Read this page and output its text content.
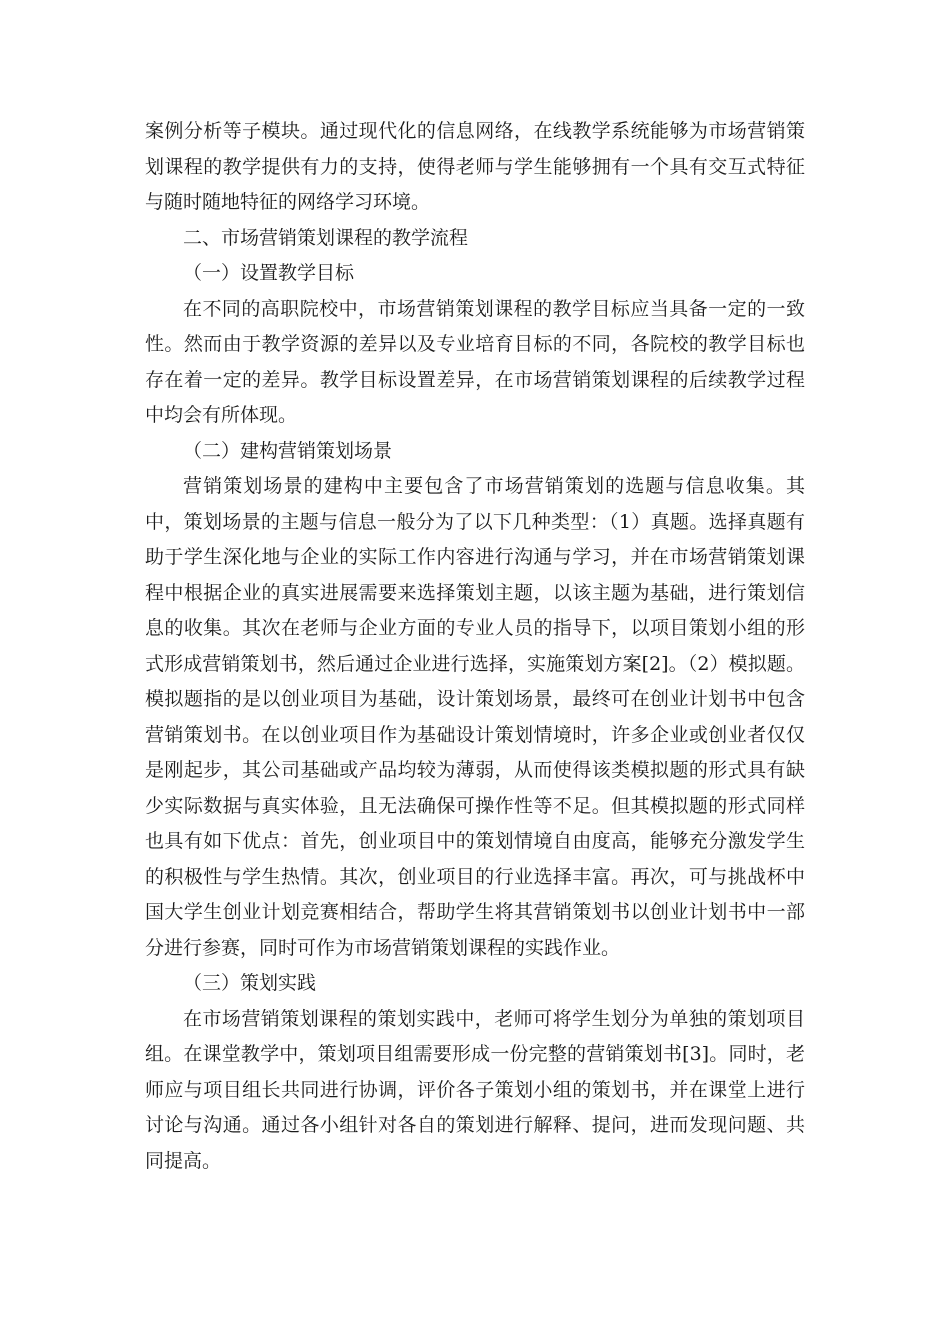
案例分析等子模块。通过现代化的信息网络，在线教学系统能够为市场营销策划课程的教学提供有力的支持，使得老师与学生能够拥有一个具有交互式特征与随时随地特征的网络学习环境。

二、市场营销策划课程的教学流程

（一）设置教学目标

在不同的高职院校中，市场营销策划课程的教学目标应当具备一定的一致性。然而由于教学资源的差异以及专业培育目标的不同，各院校的教学目标也存在着一定的差异。教学目标设置差异，在市场营销策划课程的后续教学过程中均会有所体现。

（二）建构营销策划场景

营销策划场景的建构中主要包含了市场营销策划的选题与信息收集。其中，策划场景的主题与信息一般分为了以下几种类型：（1）真题。选择真题有助于学生深化地与企业的实际工作内容进行沟通与学习，并在市场营销策划课程中根据企业的真实进展需要来选择策划主题，以该主题为基础，进行策划信息的收集。其次在老师与企业方面的专业人员的指导下，以项目策划小组的形式形成营销策划书，然后通过企业进行选择，实施策划方案[2]。（2）模拟题。模拟题指的是以创业项目为基础，设计策划场景，最终可在创业计划书中包含营销策划书。在以创业项目作为基础设计策划情境时，许多企业或创业者仅仅是刚起步，其公司基础或产品均较为薄弱，从而使得该类模拟题的形式具有缺少实际数据与真实体验，且无法确保可操作性等不足。但其模拟题的形式同样也具有如下优点：首先，创业项目中的策划情境自由度高，能够充分激发学生的积极性与学生热情。其次，创业项目的行业选择丰富。再次，可与挑战杯中国大学生创业计划竞赛相结合，帮助学生将其营销策划书以创业计划书中一部分进行参赛，同时可作为市场营销策划课程的实践作业。

（三）策划实践

在市场营销策划课程的策划实践中，老师可将学生划分为单独的策划项目组。在课堂教学中，策划项目组需要形成一份完整的营销策划书[3]。同时，老师应与项目组长共同进行协调，评价各子策划小组的策划书，并在课堂上进行讨论与沟通。通过各小组针对各自的策划进行解释、提问，进而发现问题、共同提高。
